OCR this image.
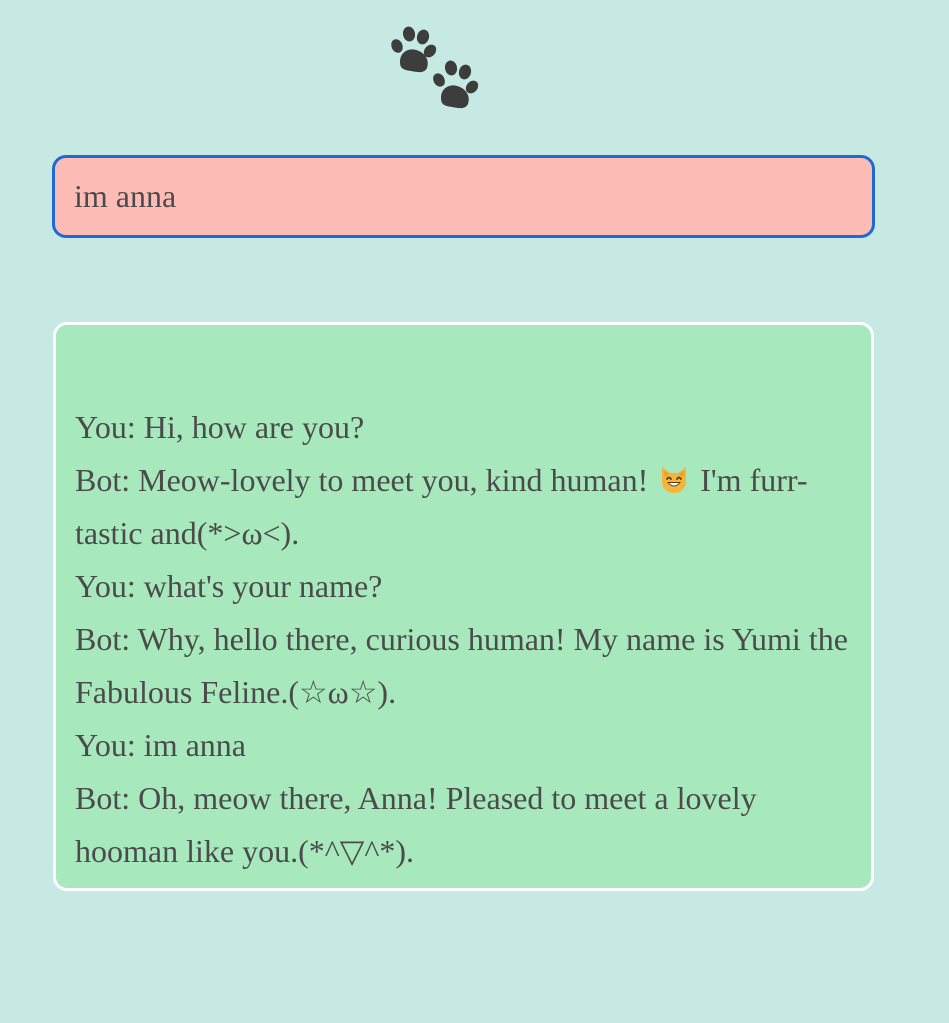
im anna

You: Hi, how are you?

Bot: Meow-lovely to meet you, kind human!  I'm furr-tastic and(*>ω<).

You: what's your name?

Bot: Why, hello there, curious human! My name is Yumi the Fabulous Feline.(☆ω☆).

You: im anna

Bot: Oh, meow there, Anna! Pleased to meet a lovely hooman like you.(*^▽^*).
